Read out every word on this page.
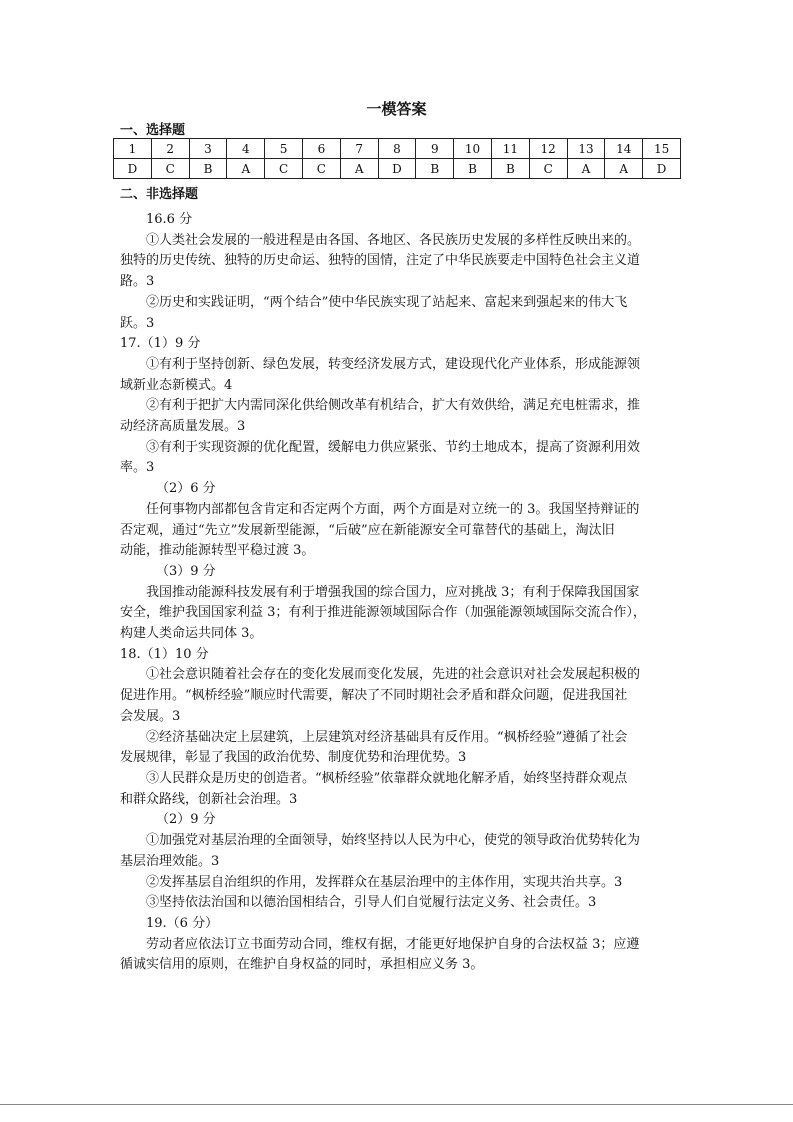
一模答案
一、选择题
1	2	3	4	5	6	7	8	9	10	11	12	13	14	15
D	C	B	A	C	C	A	D	B	B	B	C	A	A	D
二、非选择题

16.6 分

①人类社会发展的一般进程是由各国、各地区、各民族历史发展的多样性反映出来的。

独特的历史传统、独特的历史命运、独特的国情，注定了中华民族要走中国特色社会主义道

路。3

②历史和实践证明，“两个结合”使中华民族实现了站起来、富起来到强起来的伟大飞

跃。3

17.（1）9 分

①有利于坚持创新、绿色发展，转变经济发展方式，建设现代化产业体系，形成能源领

域新业态新模式。4

②有利于把扩大内需同深化供给侧改革有机结合，扩大有效供给，满足充电桩需求，推

动经济高质量发展。3

③有利于实现资源的优化配置，缓解电力供应紧张、节约土地成本，提高了资源利用效

率。3

（2）6 分

任何事物内部都包含肯定和否定两个方面，两个方面是对立统一的 3。我国坚持辩证的

否定观，通过“先立”发展新型能源，“后破”应在新能源安全可靠替代的基础上，淘汰旧

动能，推动能源转型平稳过渡 3。

（3）9 分

我国推动能源科技发展有利于增强我国的综合国力，应对挑战 3；有利于保障我国国家

安全，维护我国国家利益 3；有利于推进能源领域国际合作（加强能源领域国际交流合作），

构建人类命运共同体 3。

18.（1）10 分

①社会意识随着社会存在的变化发展而变化发展，先进的社会意识对社会发展起积极的

促进作用。“枫桥经验”顺应时代需要，解决了不同时期社会矛盾和群众问题，促进我国社

会发展。3

②经济基础决定上层建筑，上层建筑对经济基础具有反作用。“枫桥经验”遵循了社会

发展规律，彰显了我国的政治优势、制度优势和治理优势。3

③人民群众是历史的创造者。“枫桥经验”依靠群众就地化解矛盾，始终坚持群众观点

和群众路线，创新社会治理。3

（2）9 分

①加强党对基层治理的全面领导，始终坚持以人民为中心，使党的领导政治优势转化为

基层治理效能。3

②发挥基层自治组织的作用，发挥群众在基层治理中的主体作用，实现共治共享。3

③坚持依法治国和以德治国相结合，引导人们自觉履行法定义务、社会责任。3

19.（6 分）

劳动者应依法订立书面劳动合同，维权有据，才能更好地保护自身的合法权益 3；应遵

循诚实信用的原则，在维护自身权益的同时，承担相应义务 3。
